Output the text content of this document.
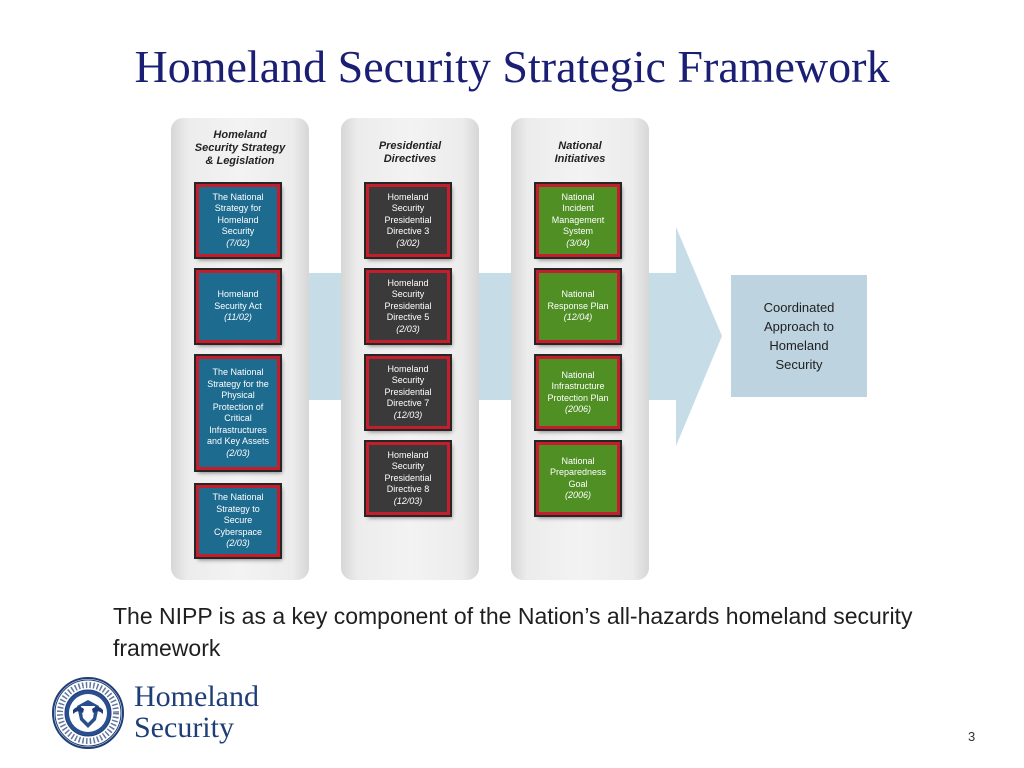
Homeland Security Strategic Framework
Homeland
Security Strategy
& Legislation
The National
Strategy for
Homeland
Security
(7/02)
Homeland
Security Act
(11/02)
The National
Strategy for the
Physical
Protection of
Critical
Infrastructures
and Key Assets
(2/03)
The National
Strategy to
Secure
Cyberspace
(2/03)
Presidential
Directives
Homeland
Security
Presidential
Directive 3
(3/02)
Homeland
Security
Presidential
Directive 5
(2/03)
Homeland
Security
Presidential
Directive 7
(12/03)
Homeland
Security
Presidential
Directive 8
(12/03)
National
Initiatives
National
Incident
Management
System
(3/04)
National
Response Plan
(12/04)
National
Infrastructure
Protection Plan
(2006)
National
Preparedness
Goal
(2006)
Coordinated
Approach to
Homeland
Security
The NIPP is as a key component of the Nation’s all-hazards homeland security framework
Homeland
Security	3
